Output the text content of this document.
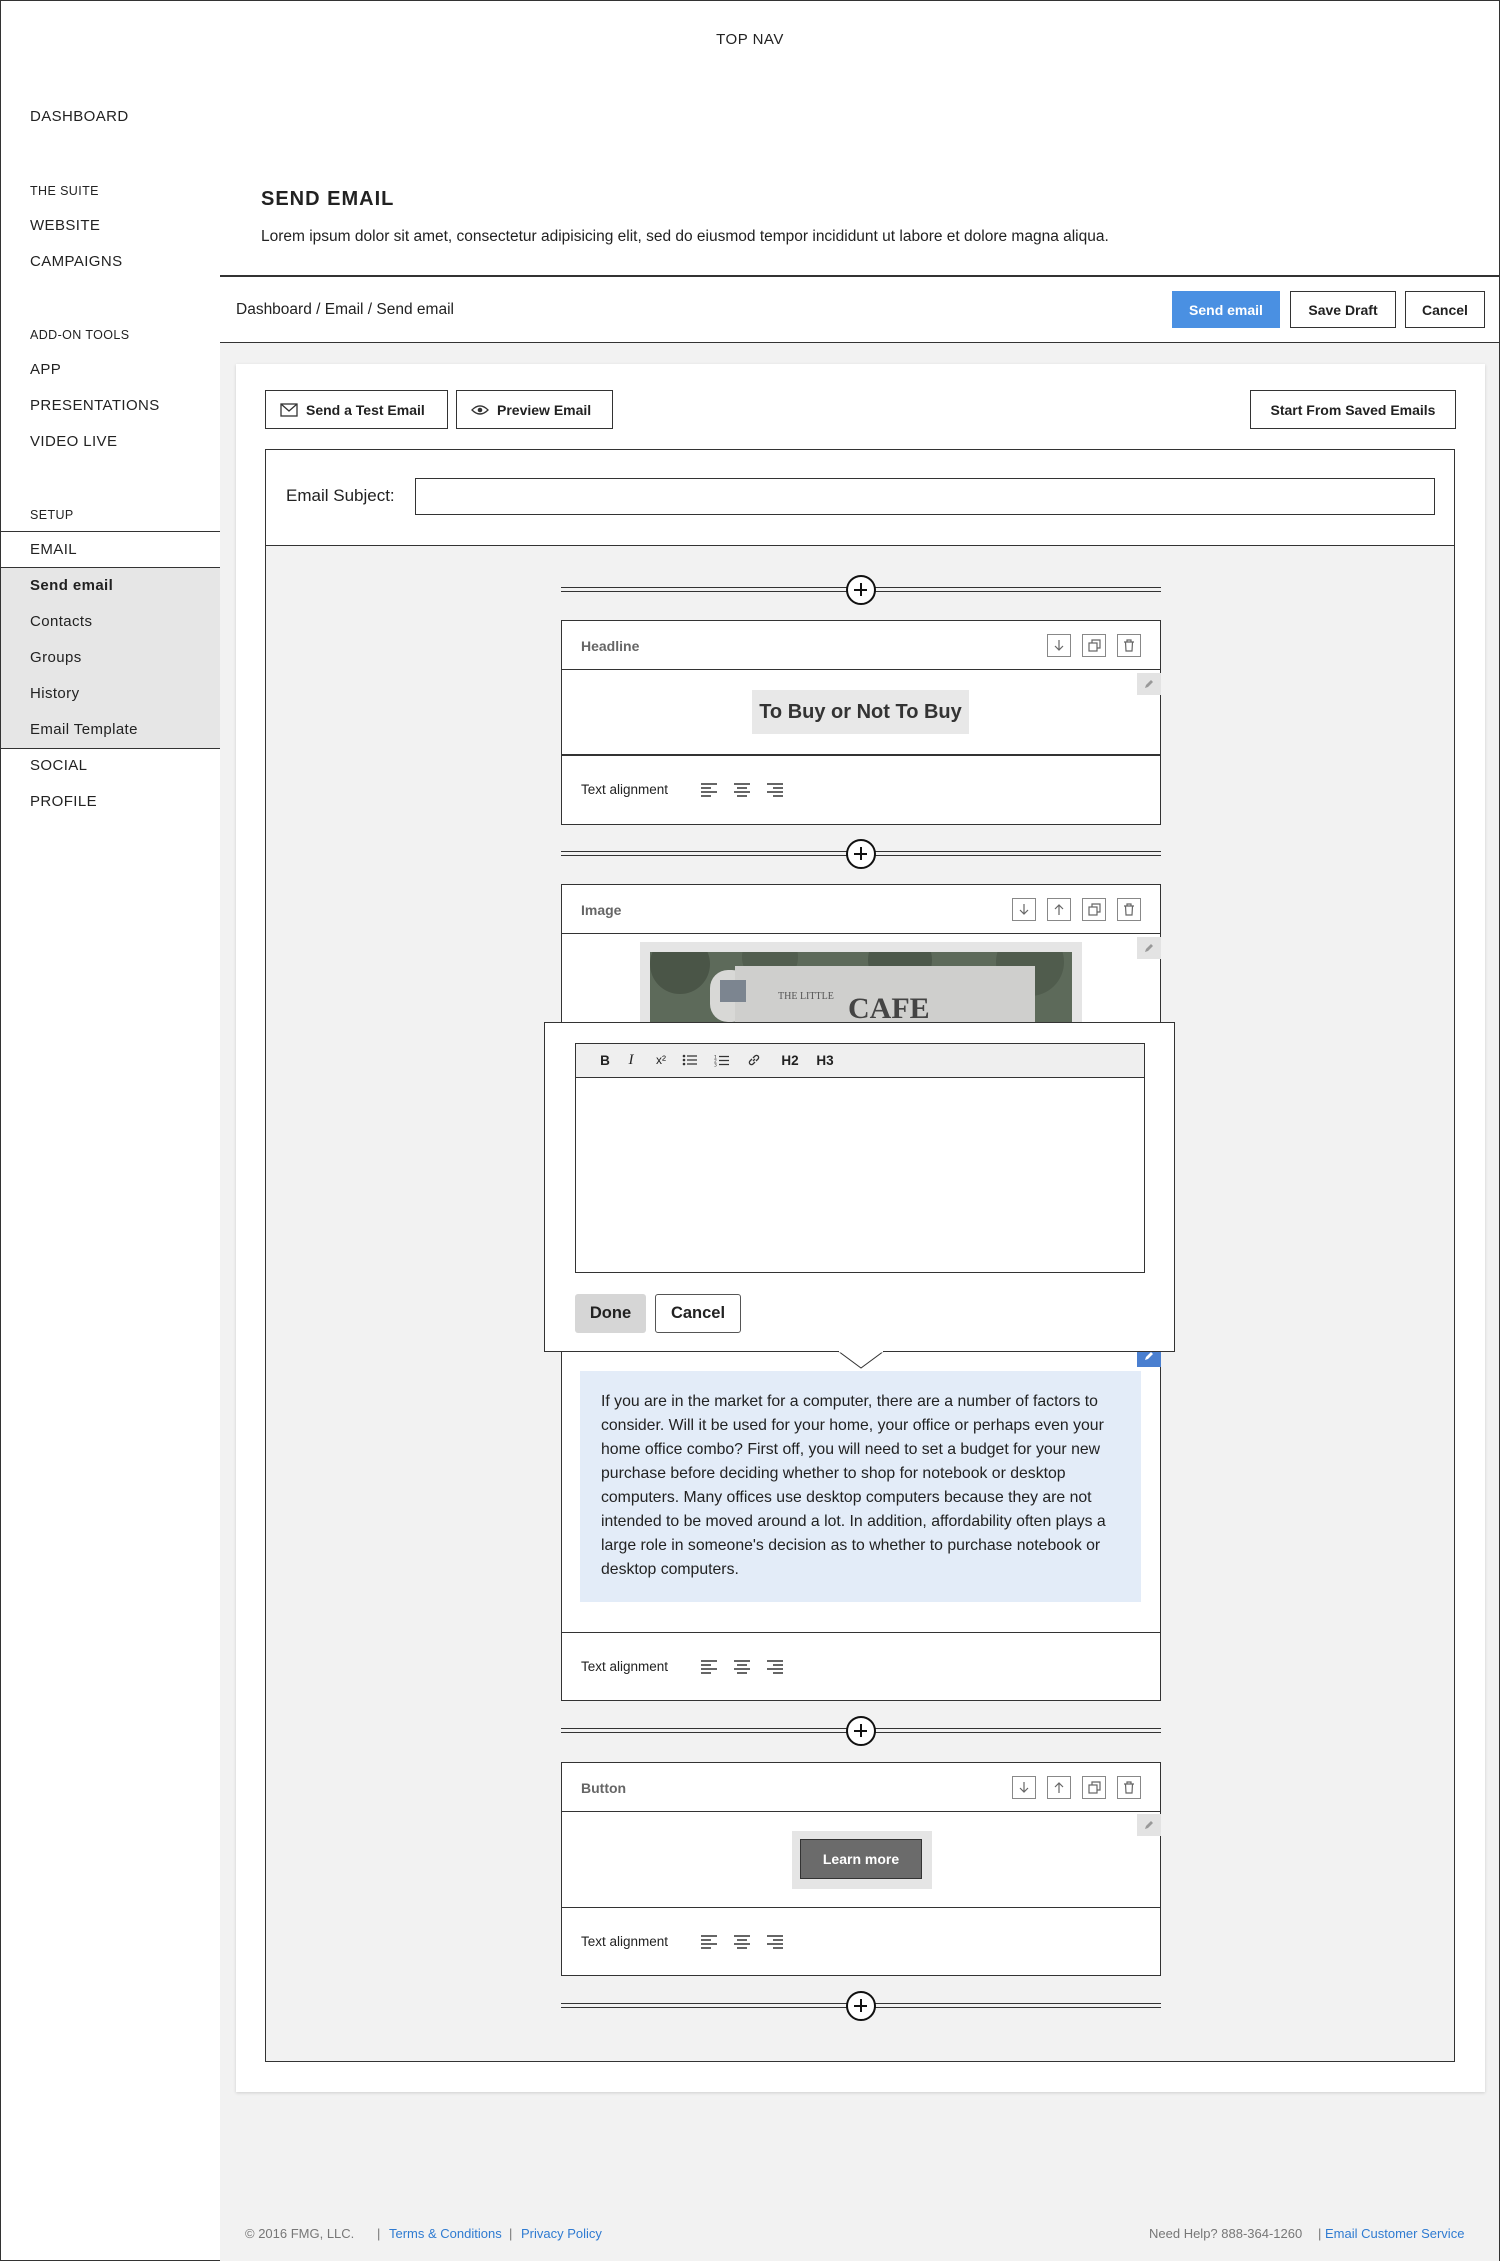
TOP NAV
DASHBOARD
THE SUITE
WEBSITE
CAMPAIGNS
ADD-ON TOOLS
APP
PRESENTATIONS
VIDEO LIVE
SETUP
EMAIL
Send email
Contacts
Groups
History
Email Template
SOCIAL
PROFILE
SEND EMAIL
Lorem ipsum dolor sit amet, consectetur adipisicing elit, sed do eiusmod tempor incididunt ut labore et dolore magna aliqua.
Dashboard / Email / Send email	Send email	Save Draft	Cancel
Send a Test Email	Preview Email	Start From Saved Emails
Email Subject:
Headline
Text alignment
To Buy or Not To Buy
Image
Text alignment
THE LITTLE CAFE
If you are in the market for a computer, there are a number of factors to consider. Will it be used for your home, your office or perhaps even your home office combo? First off, you will need to set a budget for your new purchase before deciding whether to shop for notebook or desktop computers. Many offices use desktop computers because they are not intended to be moved around a lot. In addition, affordability often plays a large role in someone's decision as to whether to purchase notebook or desktop computers.
Button
Text alignment
Learn more
B	I	x²	1
2
3	H2 H3
Done	Cancel
© 2016 FMG, LLC. | Terms & Conditions | Privacy Policy	Need Help? 888-364-1260 | Email Customer Service
